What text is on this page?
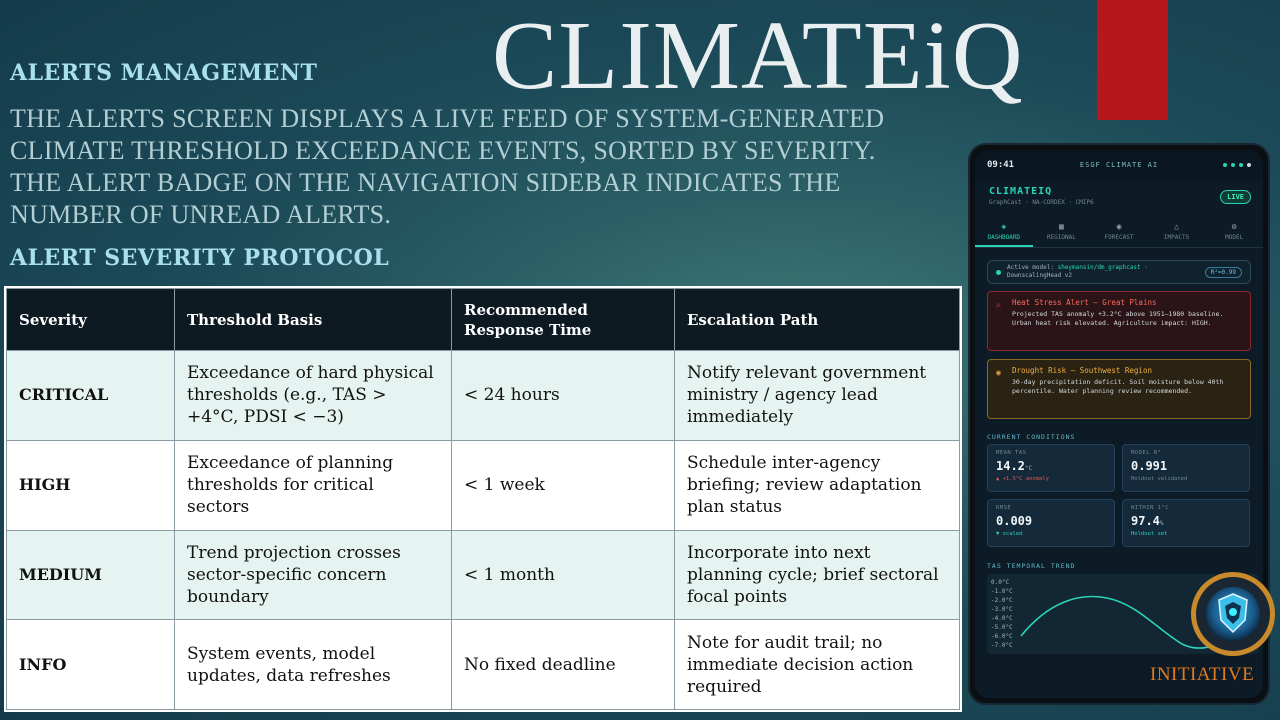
CLIMATEiQ
ALERTS MANAGEMENT
THE ALERTS SCREEN DISPLAYS A LIVE FEED OF SYSTEM-GENERATED CLIMATE THRESHOLD EXCEEDANCE EVENTS, SORTED BY SEVERITY. THE ALERT BADGE ON THE NAVIGATION SIDEBAR INDICATES THE NUMBER OF UNREAD ALERTS.
ALERT SEVERITY PROTOCOL
Severity	Threshold Basis	Recommended Response Time	Escalation Path
CRITICAL	Exceedance of hard physical thresholds (e.g., TAS > +4°C, PDSI < −3)	< 24 hours	Notify relevant government ministry / agency lead immediately
HIGH	Exceedance of planning thresholds for critical sectors	< 1 week	Schedule inter-agency briefing; review adaptation plan status
MEDIUM	Trend projection crosses sector-specific concern boundary	< 1 month	Incorporate into next planning cycle; brief sectoral focal points
INFO	System events, model updates, data refreshes	No fixed deadline	Note for audit trail; no immediate decision action required
09:41	ESGF CLIMATE AI
CLIMATEIQ
GraphCast · NA-CORDEX · CMIP6
LIVE
◈
DASHBOARD
▦
REGIONAL
◉
FORECAST
△
IMPACTS
⚙
MODEL
Active model: sheymansin/dm_graphcast · DownscalingHead v2	R²=0.99
⚠ Heat Stress Alert — Great Plains
Projected TAS anomaly +3.2°C above 1951–1980 baseline. Urban heat risk elevated. Agriculture impact: HIGH.
◉ Drought Risk — Southwest Region
30-day precipitation deficit. Soil moisture below 40th percentile. Water planning review recommended.
CURRENT CONDITIONS
MEAN TAS
14.2°C
▲ +1.5°C anomaly
MODEL R²
0.991
Holdout validated
RMSE
0.009
▼ scaled
WITHIN 1°C
97.4%
Holdout set
TAS TEMPORAL TREND
0.0°C
-1.0°C
-2.0°C
-3.0°C
-4.0°C
-5.0°C
-6.0°C
-7.0°C
INITIATIVE
